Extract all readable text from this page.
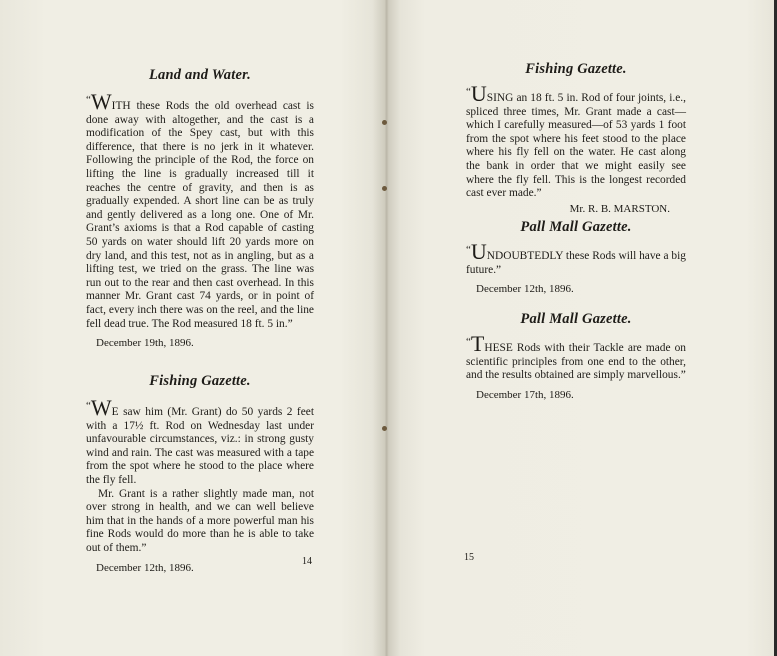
Land and Water.

“WITH these Rods the old overhead cast is done away with altogether, and the cast is a modification of the Spey cast, but with this difference, that there is no jerk in it whatever. Following the principle of the Rod, the force on lifting the line is gradually increased till it reaches the centre of gravity, and then is as gradually expended. A short line can be as truly and gently delivered as a long one. One of Mr. Grant’s axioms is that a Rod capable of casting 50 yards on water should lift 20 yards more on dry land, and this test, not as in angling, but as a lifting test, we tried on the grass. The line was run out to the rear and then cast overhead. In this manner Mr. Grant cast 74 yards, or in point of fact, every inch there was on the reel, and the line fell dead true. The Rod measured 18 ft. 5 in.”

December 19th, 1896.
Fishing Gazette.

“WE saw him (Mr. Grant) do 50 yards 2 feet with a 17½ ft. Rod on Wednesday last under unfavourable circumstances, viz.: in strong gusty wind and rain. The cast was measured with a tape from the spot where he stood to the place where the fly fell.

Mr. Grant is a rather slightly made man, not over strong in health, and we can well believe him that in the hands of a more powerful man his fine Rods would do more than he is able to take out of them.”

December 12th, 1896.
14
Fishing Gazette.

“USING an 18 ft. 5 in. Rod of four joints, i.e., spliced three times, Mr. Grant made a cast—which I carefully measured—of 53 yards 1 foot from the spot where his feet stood to the place where his fly fell on the water. He cast along the bank in order that we might easily see where the fly fell. This is the longest recorded cast ever made.”

Mr. R. B. MARSTON.
Pall Mall Gazette.

“UNDOUBTEDLY these Rods will have a big future.”

December 12th, 1896.
Pall Mall Gazette.

“THESE Rods with their Tackle are made on scientific principles from one end to the other, and the results obtained are simply marvellous.”

December 17th, 1896.
15
